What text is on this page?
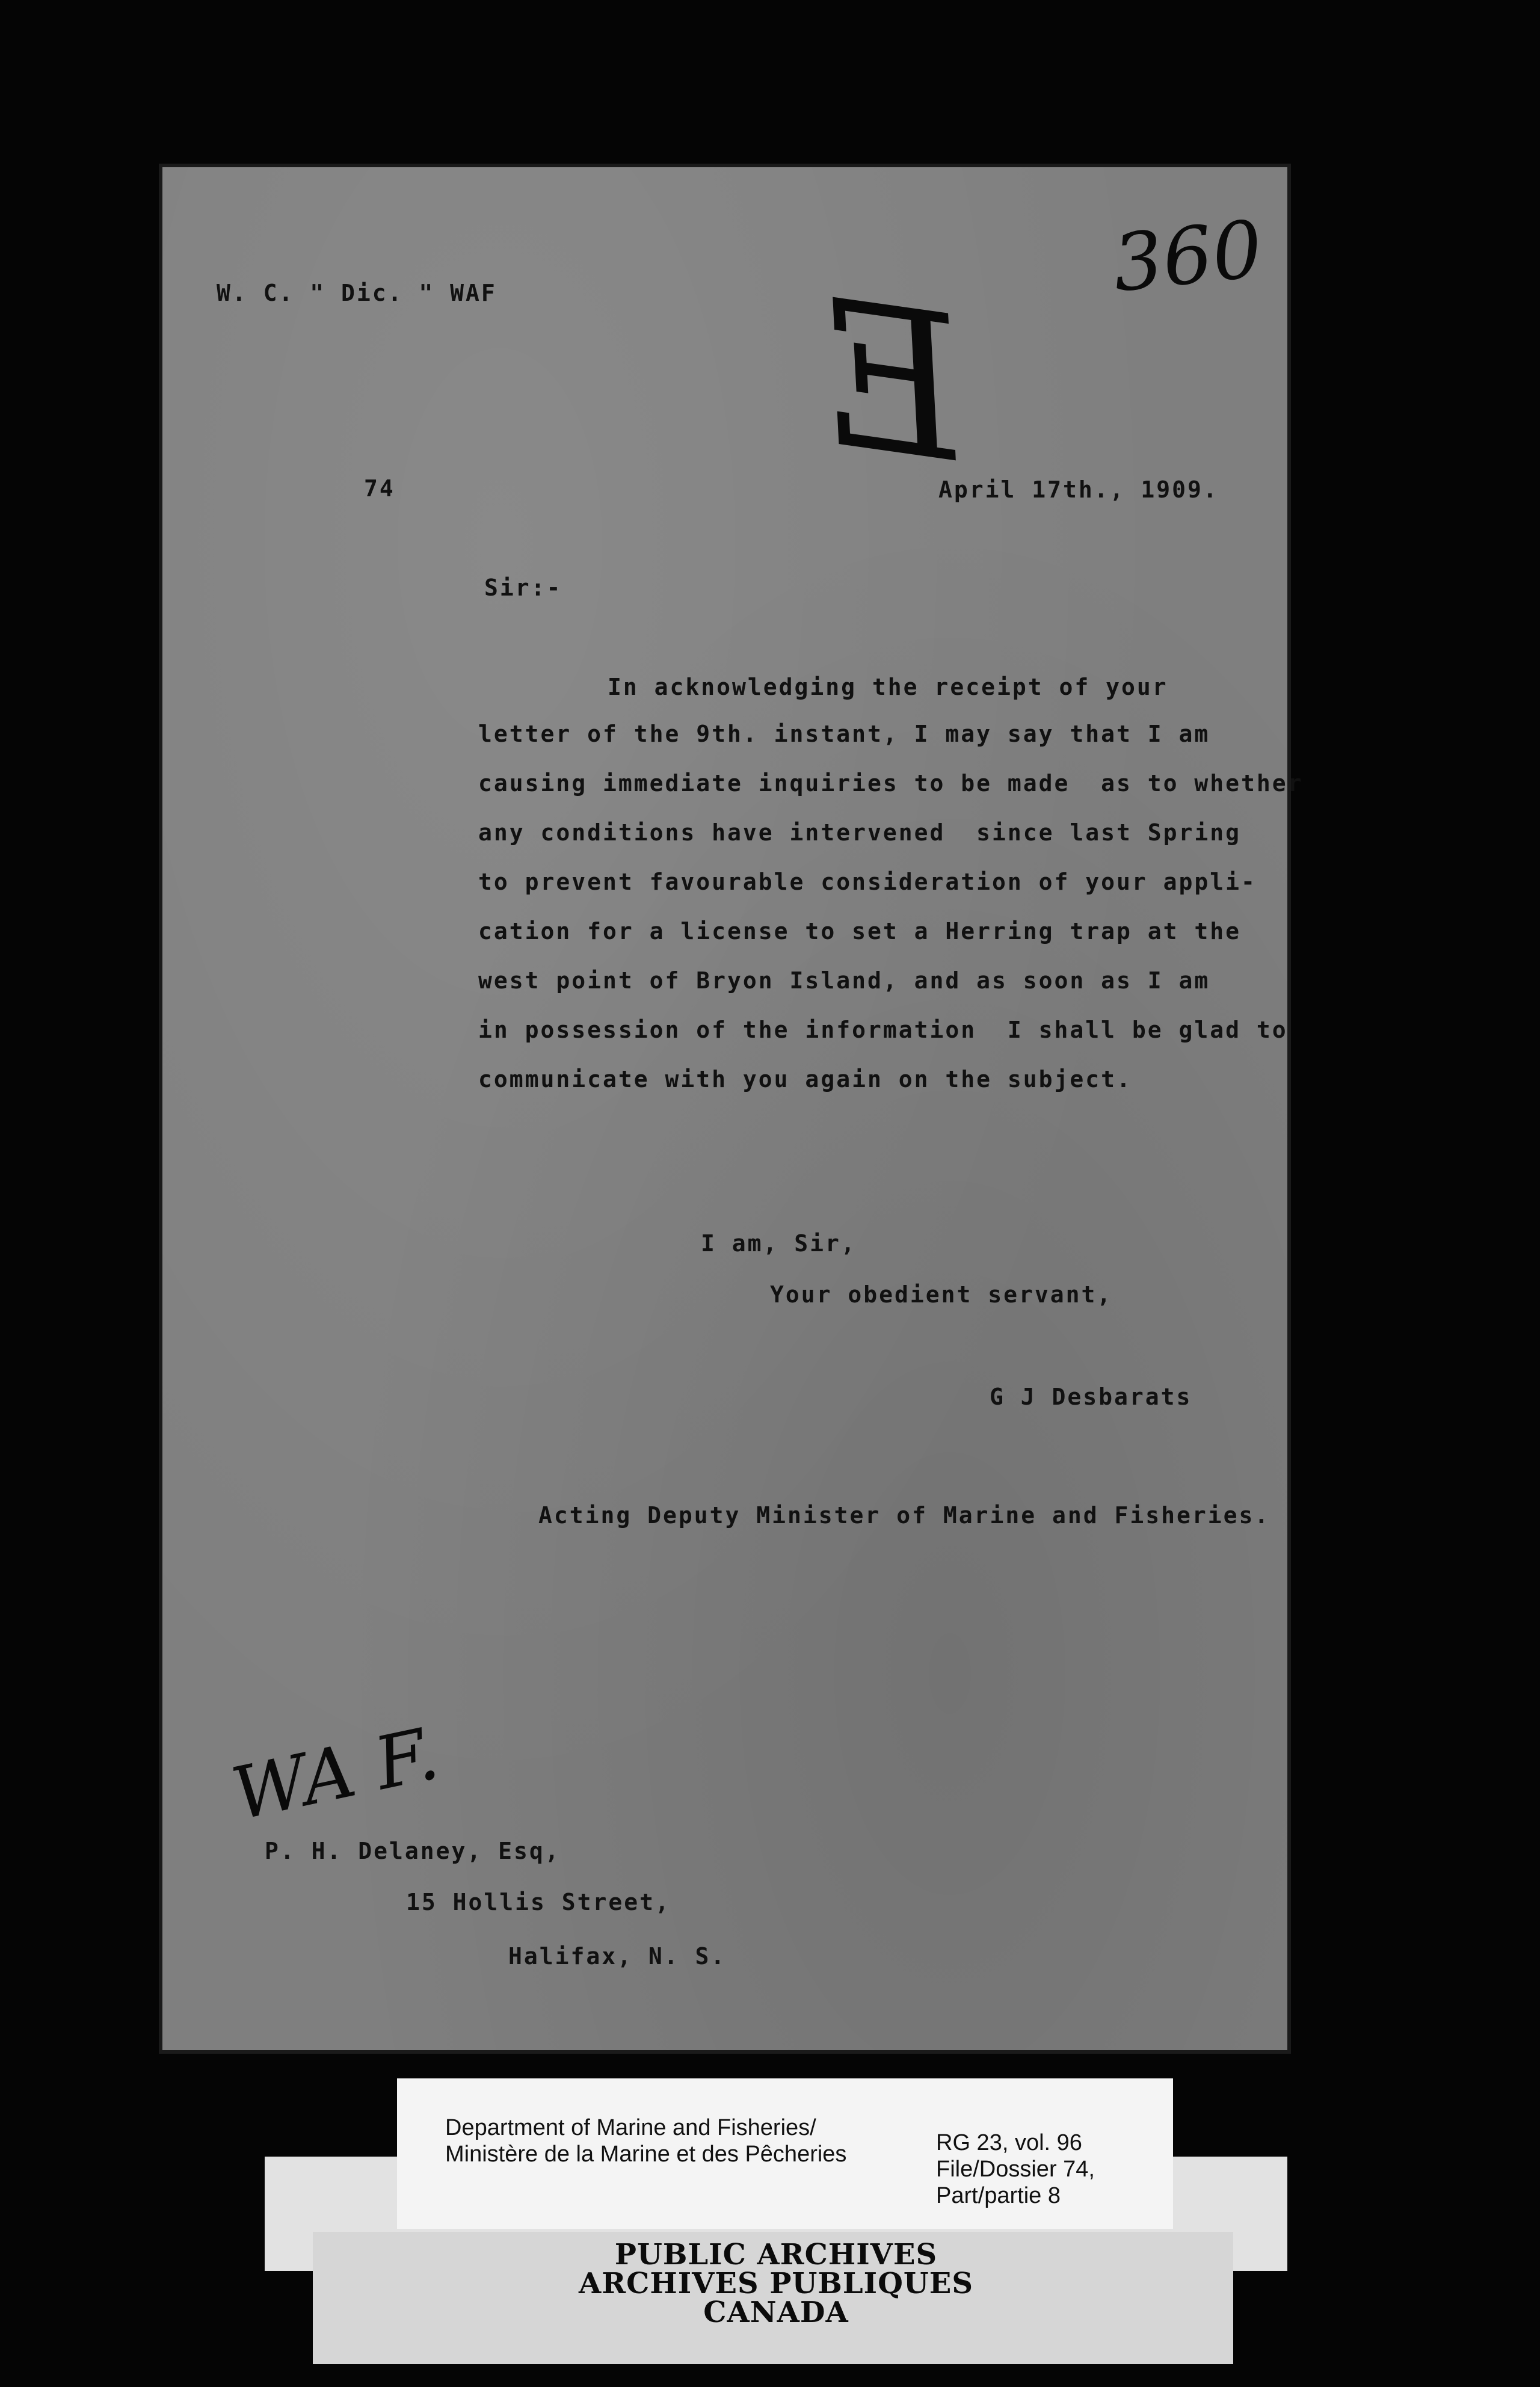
W. C. " Dic. " WAF	360
74 E
April 17th., 1909.
Sir:-
In acknowledging the receipt of your
letter of the 9th. instant, I may say that I am
causing immediate inquiries to be made  as to whether
any conditions have intervened  since last Spring
to prevent favourable consideration of your appli-
cation for a license to set a Herring trap at the
west point of Bryon Island, and as soon as I am
in possession of the information  I shall be glad to
communicate with you again on the subject.
I am, Sir,
Your obedient servant,
G J Desbarats
Acting Deputy Minister of Marine and Fisheries.
WA F.
P. H. Delaney, Esq,
15 Hollis Street,
Halifax, N. S.
Department of Marine and Fisheries/
Ministère de la Marine et des Pêcheries	RG 23, vol. 96
File/Dossier 74,
Part/partie 8
PUBLIC ARCHIVES
ARCHIVES PUBLIQUES
CANADA
